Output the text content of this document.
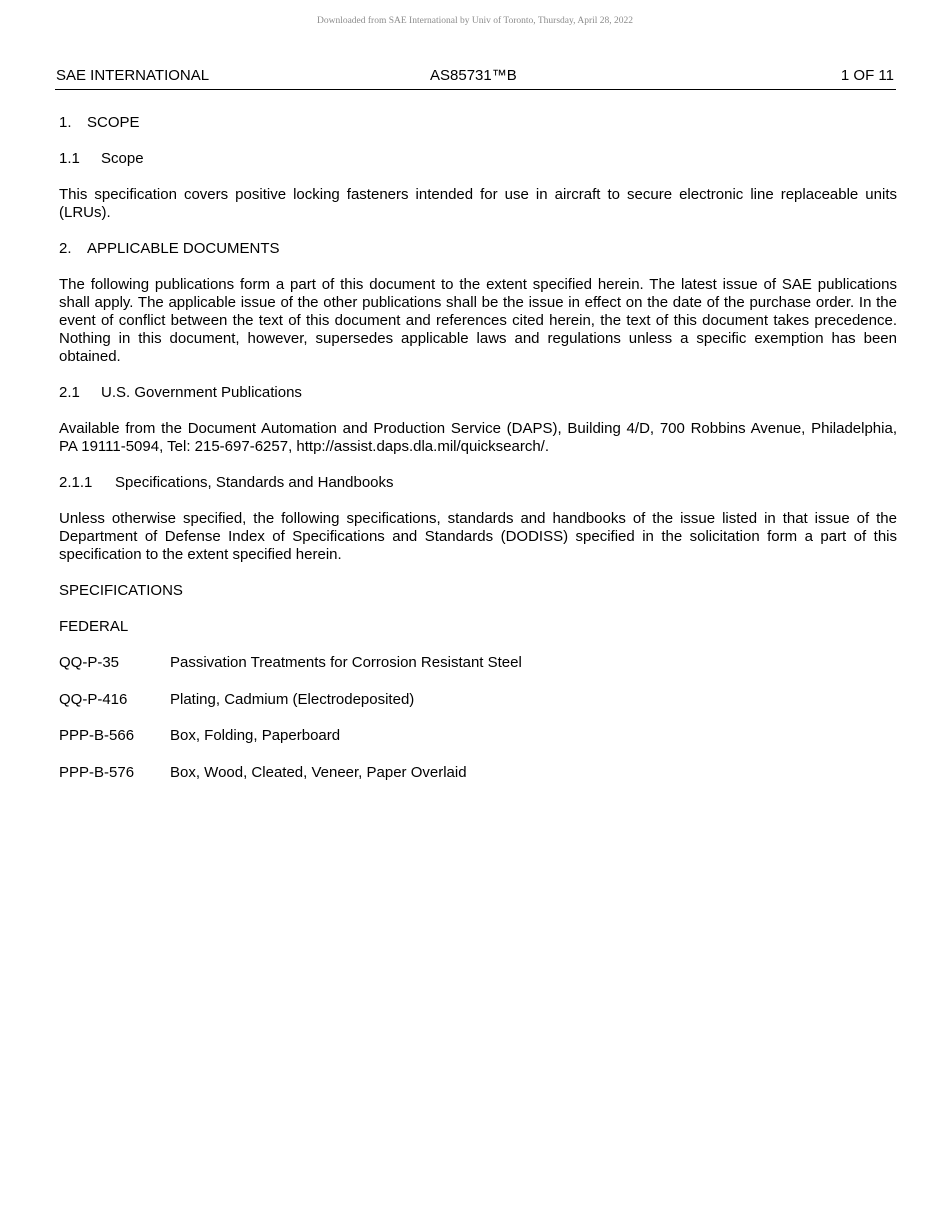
Downloaded from SAE International by Univ of Toronto, Thursday, April 28, 2022
SAE INTERNATIONAL	AS85731™B	1 OF 11
1. SCOPE
1.1 Scope

This specification covers positive locking fasteners intended for use in aircraft to secure electronic line replaceable units (LRUs).

2. APPLICABLE DOCUMENTS

The following publications form a part of this document to the extent specified herein. The latest issue of SAE publications shall apply. The applicable issue of the other publications shall be the issue in effect on the date of the purchase order. In the event of conflict between the text of this document and references cited herein, the text of this document takes precedence. Nothing in this document, however, supersedes applicable laws and regulations unless a specific exemption has been obtained.

2.1 U.S. Government Publications

Available from the Document Automation and Production Service (DAPS), Building 4/D, 700 Robbins Avenue, Philadelphia, PA 19111-5094, Tel: 215-697-6257, http://assist.daps.dla.mil/quicksearch/.

2.1.1 Specifications, Standards and Handbooks

Unless otherwise specified, the following specifications, standards and handbooks of the issue listed in that issue of the Department of Defense Index of Specifications and Standards (DODISS) specified in the solicitation form a part of this specification to the extent specified herein.

SPECIFICATIONS
FEDERAL
QQ-P-35	Passivation Treatments for Corrosion Resistant Steel
QQ-P-416	Plating, Cadmium (Electrodeposited)
PPP-B-566 Box, Folding, Paperboard
PPP-B-576 Box, Wood, Cleated, Veneer, Paper Overlaid
